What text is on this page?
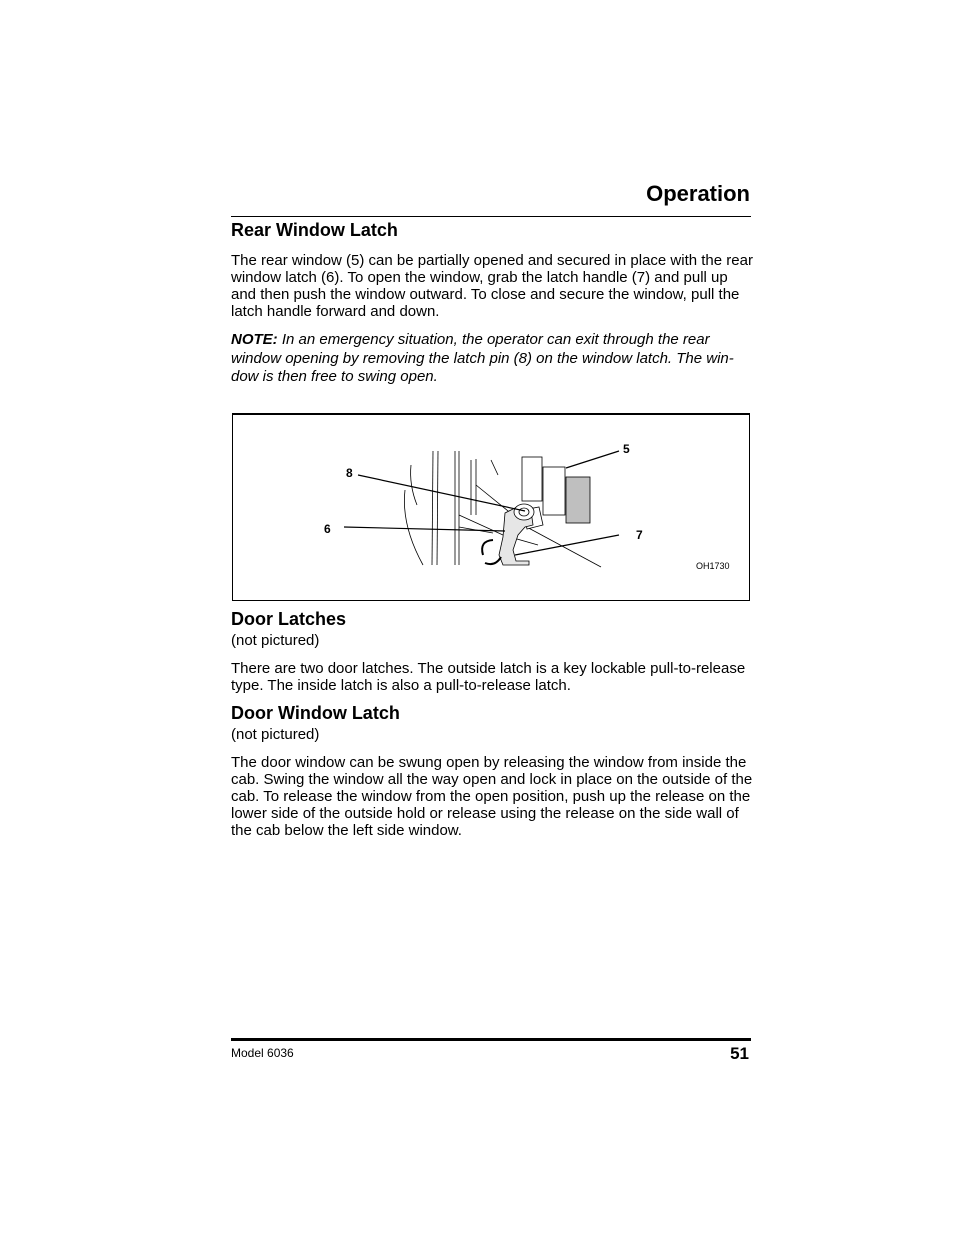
Operation
Rear Window Latch

The rear window (5) can be partially opened and secured in place with the rear window latch (6). To open the window, grab the latch handle (7) and pull up and then push the window outward. To close and secure the window, pull the latch handle forward and down.

NOTE: In an emergency situation, the operator can exit through the rear window opening by removing the latch pin (8) on the window latch. The win-dow is then free to swing open.

5
8
6	7
OH1730
Door Latches

(not pictured)

There are two door latches. The outside latch is a key lockable pull-to-release type. The inside latch is also a pull-to-release latch.

Door Window Latch

(not pictured)

The door window can be swung open by releasing the window from inside the cab. Swing the window all the way open and lock in place on the outside of the cab. To release the window from the open position, push up the release on the lower side of the outside hold or release using the release on the side wall of the cab below the left side window.

Model 6036	51
